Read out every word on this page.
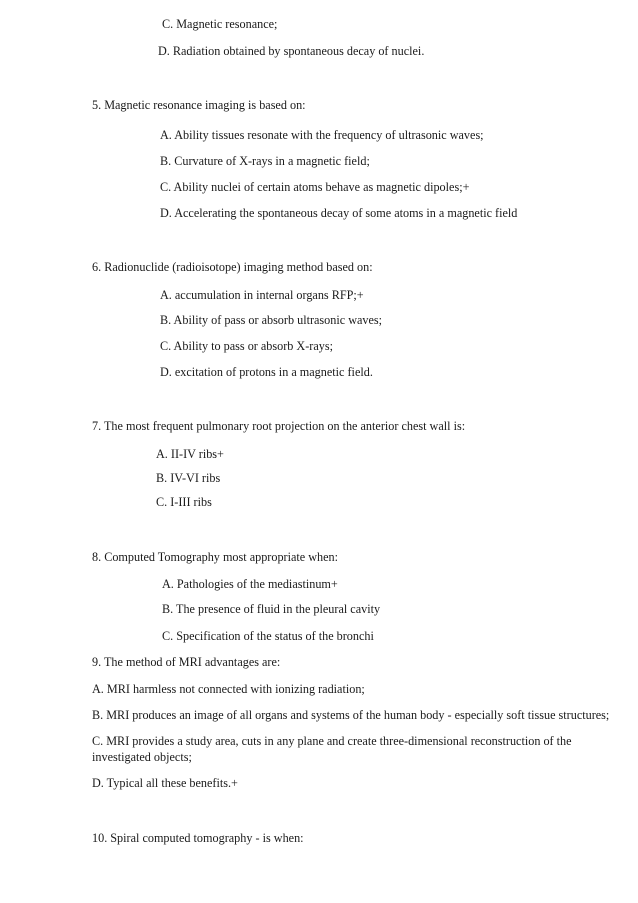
C. Magnetic resonance;
D. Radiation obtained by spontaneous decay of nuclei.
5. Magnetic resonance imaging is based on:
A. Ability tissues resonate with the frequency of ultrasonic waves;
B. Curvature of X-rays in a magnetic field;
C. Ability nuclei of certain atoms behave as magnetic dipoles;+
D. Accelerating the spontaneous decay of some atoms in a magnetic field
6. Radionuclide (radioisotope) imaging method based on:
A. accumulation in internal organs RFP;+
B. Ability of pass or absorb ultrasonic waves;
C. Ability to pass or absorb X-rays;
D. excitation of protons in a magnetic field.
7. The most frequent pulmonary root projection on the anterior chest wall is:
A. II-IV ribs+
B. IV-VI ribs
C. I-III ribs
8. Computed Tomography most appropriate when:
A. Pathologies of the mediastinum+
B. The presence of fluid in the pleural cavity
C. Specification of the status of the bronchi
9. The method of MRI advantages are:
A. MRI harmless not connected with ionizing radiation;
B. MRI produces an image of all organs and systems of the human body - especially soft tissue structures;
C. MRI provides a study area, cuts in any plane and create three-dimensional reconstruction of the
investigated objects;
D. Typical all these benefits.+
10. Spiral computed tomography - is when:
